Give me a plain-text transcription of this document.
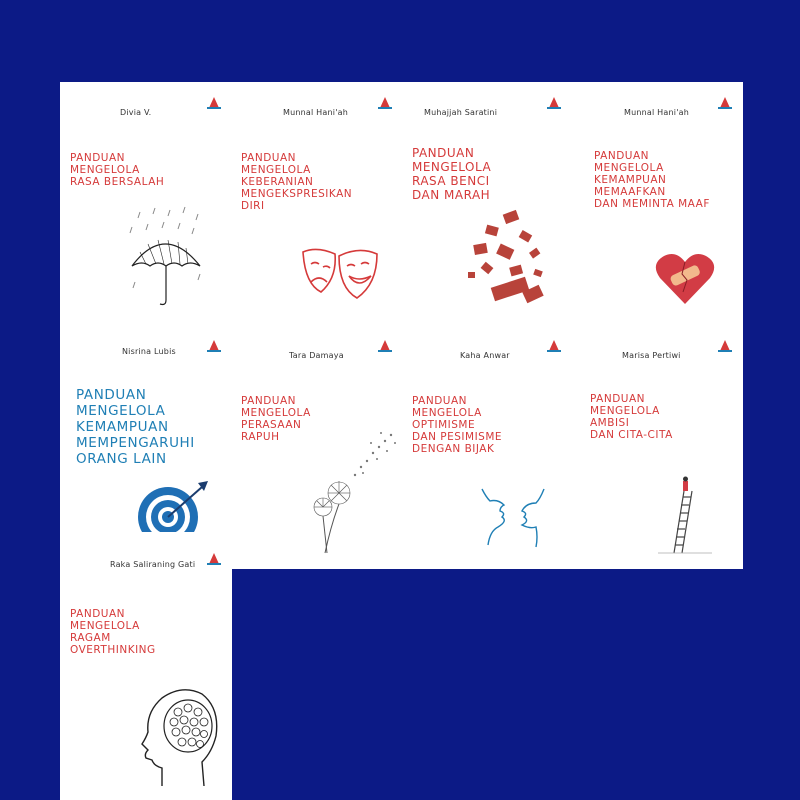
Divia V.
PANDUAN
MENGELOLA
RASA BERSALAH
Munnal Hani'ah
PANDUAN
MENGELOLA
KEBERANIAN
MENGEKSPRESIKAN
DIRI
Muhajjah Saratini
PANDUAN
MENGELOLA
RASA BENCI
DAN MARAH
Munnal Hani'ah
PANDUAN
MENGELOLA
KEMAMPUAN
MEMAAFKAN
DAN MEMINTA MAAF
Nisrina Lubis
PANDUAN
MENGELOLA
KEMAMPUAN
MEMPENGARUHI
ORANG LAIN
Tara Damaya
PANDUAN
MENGELOLA
PERASAAN
RAPUH
Kaha Anwar
PANDUAN
MENGELOLA
OPTIMISME
DAN PESIMISME
DENGAN BIJAK
Marisa Pertiwi
PANDUAN
MENGELOLA
AMBISI
DAN CITA-CITA
Raka Saliraning Gati
PANDUAN
MENGELOLA
RAGAM
OVERTHINKING
